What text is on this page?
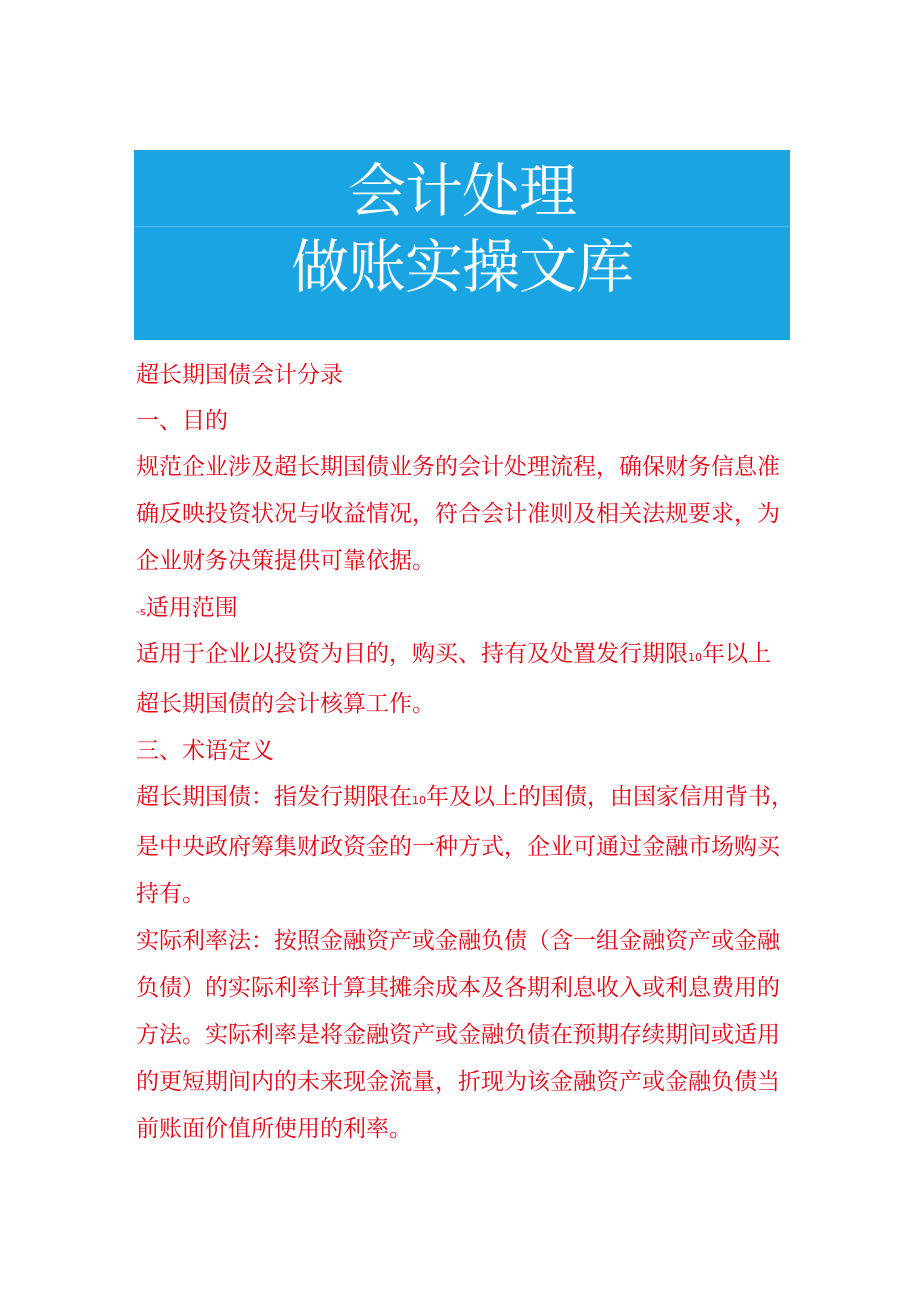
会计处理
做账实操文库
超长期国债会计分录
一、目的
规范企业涉及超长期国债业务的会计处理流程，确保财务信息准
确反映投资状况与收益情况，符合会计准则及相关法规要求，为
企业财务决策提供可靠依据。
-s适用范围
适用于企业以投资为目的，购买、持有及处置发行期限10年以上
超长期国债的会计核算工作。
三、术语定义
超长期国债：指发行期限在10年及以上的国债，由国家信用背书，
是中央政府筹集财政资金的一种方式，企业可通过金融市场购买
持有。
实际利率法：按照金融资产或金融负债（含一组金融资产或金融
负债）的实际利率计算其摊余成本及各期利息收入或利息费用的
方法。实际利率是将金融资产或金融负债在预期存续期间或适用
的更短期间内的未来现金流量，折现为该金融资产或金融负债当
前账面价值所使用的利率。
